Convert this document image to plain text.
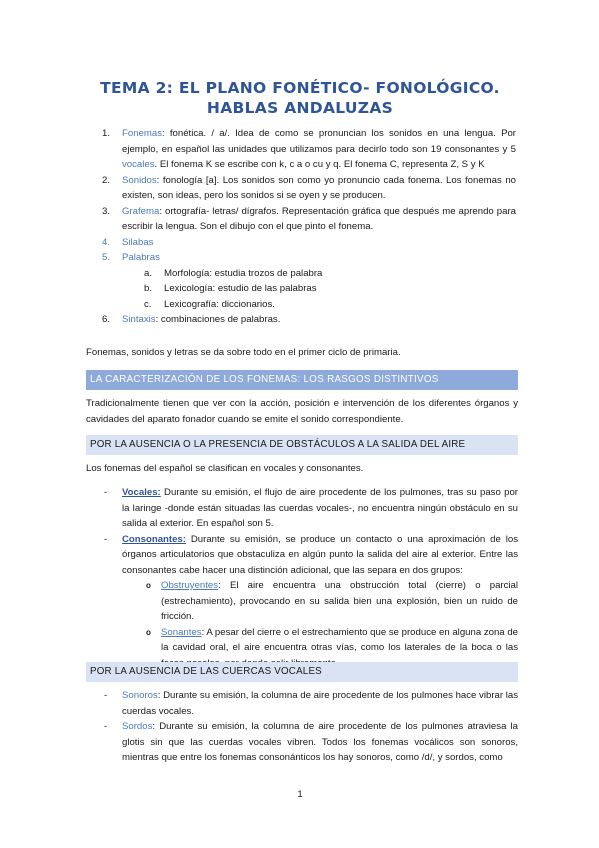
TEMA 2: EL PLANO FONÉTICO- FONOLÓGICO.
HABLAS ANDALUZAS
1. Fonemas: fonética. / a/. Idea de como se pronuncian los sonidos en una lengua. Por ejemplo, en español las unidades que utilizamos para decirlo todo son 19 consonantes y 5 vocales. El fonema K se escribe con k, c a o cu y q. El fonema C, representa Z, S y K
2. Sonidos: fonología [a]. Los sonidos son como yo pronuncio cada fonema. Los fonemas no existen, son ideas, pero los sonidos si se oyen y se producen.
3. Grafema: ortografía- letras/ dígrafos. Representación gráfica que después me aprendo para escribir la lengua. Son el dibujo con el que pinto el fonema.
4. Silabas
5. Palabras
a. Morfología: estudia trozos de palabra
b. Lexicología: estudio de las palabras
c. Lexicografía: diccionarios.
6. Sintaxis: combinaciones de palabras.
Fonemas, sonidos y letras se da sobre todo en el primer ciclo de primaria.
LA CARACTERIZACIÓN DE LOS FONEMAS: LOS RASGOS DISTINTIVOS
Tradicionalmente tienen que ver con la acción, posición e intervención de los diferentes órganos y cavidades del aparato fonador cuando se emite el sonido correspondiente.
POR LA AUSENCIA O LA PRESENCIA DE OBSTÁCULOS A LA SALIDA DEL AIRE
Los fonemas del español se clasifican en vocales y consonantes.
- Vocales: Durante su emisión, el flujo de aire procedente de los pulmones, tras su paso por la laringe -donde están situadas las cuerdas vocales-, no encuentra ningún obstáculo en su salida al exterior. En español son 5.
- Consonantes: Durante su emisión, se produce un contacto o una aproximación de los órganos articulatorios que obstaculiza en algún punto la salida del aire al exterior. Entre las consonantes cabe hacer una distinción adicional, que las separa en dos grupos:
o Obstruyentes: El aire encuentra una obstrucción total (cierre) o parcial (estrechamiento), provocando en su salida bien una explosión, bien un ruido de fricción.
o Sonantes: A pesar del cierre o el estrechamiento que se produce en alguna zona de la cavidad oral, el aire encuentra otras vías, como los laterales de la boca o las
POR LA AUSENCIA DE LAS CUERCAS VOCALES
- Sonoros: Durante su emisión, la columna de aire procedente de los pulmones hace vibrar las cuerdas vocales.
- Sordos: Durante su emisión, la columna de aire procedente de los pulmones atraviesa la glotis sin que las cuerdas vocales vibren. Todos los fonemas vocálicos son sonoros, mientras que entre los fonemas consonánticos los hay sonoros, como /d/, y sordos, como
1
